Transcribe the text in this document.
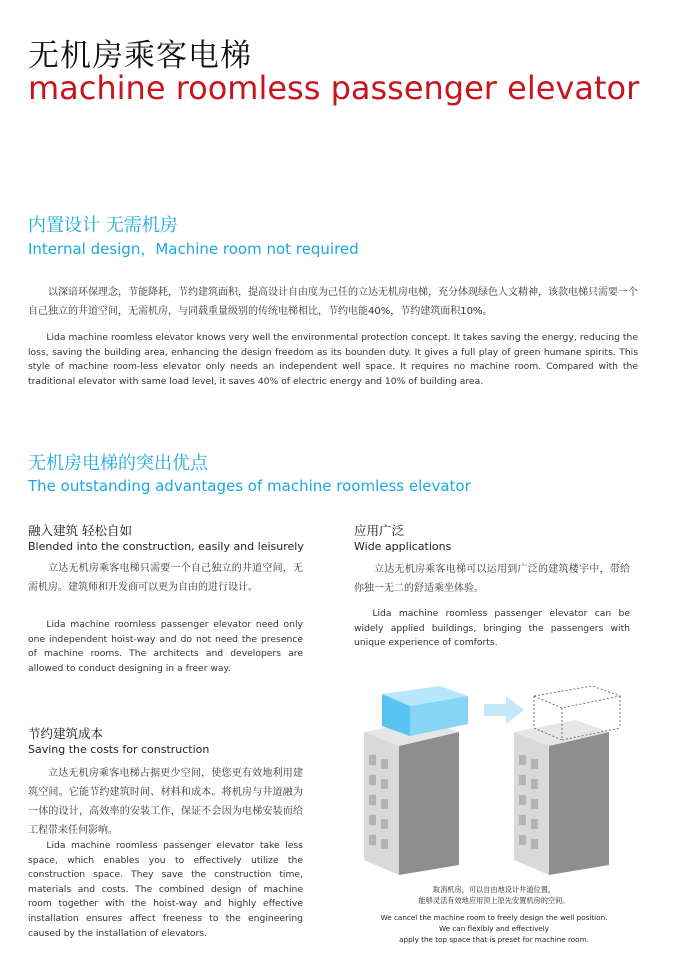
无机房乘客电梯
machine roomless passenger elevator
内置设计 无需机房
Internal design，Machine room not required
以深谙环保理念，节能降耗，节约建筑面积，提高设计自由度为己任的立达无机房电梯，充分体现绿色人文精神，该款电梯只需要一个自己独立的井道空间，无需机房，与同载重量级别的传统电梯相比，节约电能40%，节约建筑面积10%。
Lida machine roomless elevator knows very well the environmental protection concept. It takes saving the energy, reducing the loss, saving the building area, enhancing the design freedom as its bounden duty. It gives a full play of green humane spirits. This style of machine room-less elevator only needs an independent well space. It requires no machine room. Compared with the traditional elevator with same load level, it saves 40% of electric energy and 10% of building area.
无机房电梯的突出优点
The outstanding advantages of machine roomless elevator
融入建筑 轻松自如
Blended into the construction, easily and leisurely
立达无机房乘客电梯只需要一个自己独立的井道空间，无需机房。建筑师和开发商可以更为自由的进行设计。
Lida machine roomless passenger elevator need only one independent hoist-way and do not need the presence of machine rooms. The architects and developers are allowed to conduct designing in a freer way.
应用广泛
Wide applications
立达无机房乘客电梯可以运用到广泛的建筑楼宇中，带给你独一无二的舒适乘坐体验。
Lida machine roomless passenger elevator can be widely applied buildings, bringing the passengers with unique experience of comforts.
节约建筑成本
Saving the costs for construction
立达无机房乘客电梯占据更少空间，使您更有效地利用建筑空间。它能节约建筑时间、材料和成本。将机房与井道融为一体的设计，高效率的安装工作，保证不会因为电梯安装而给工程带来任何影响。
Lida machine roomless passenger elevator take less space, which enables you to effectively utilize the construction space. They save the construction time, materials and costs. The combined design of machine room together with the hoist-way and highly effective installation ensures affect freeness to the engineering caused by the installation of elevators.
取消机房，可以自由地设计井道位置，
能够灵活有效地应用顶上原先安置机房的空间。
We cancel the machine room to freely design the well position.
We can flexibly and effectively
apply the top space that is preset for machine room.
